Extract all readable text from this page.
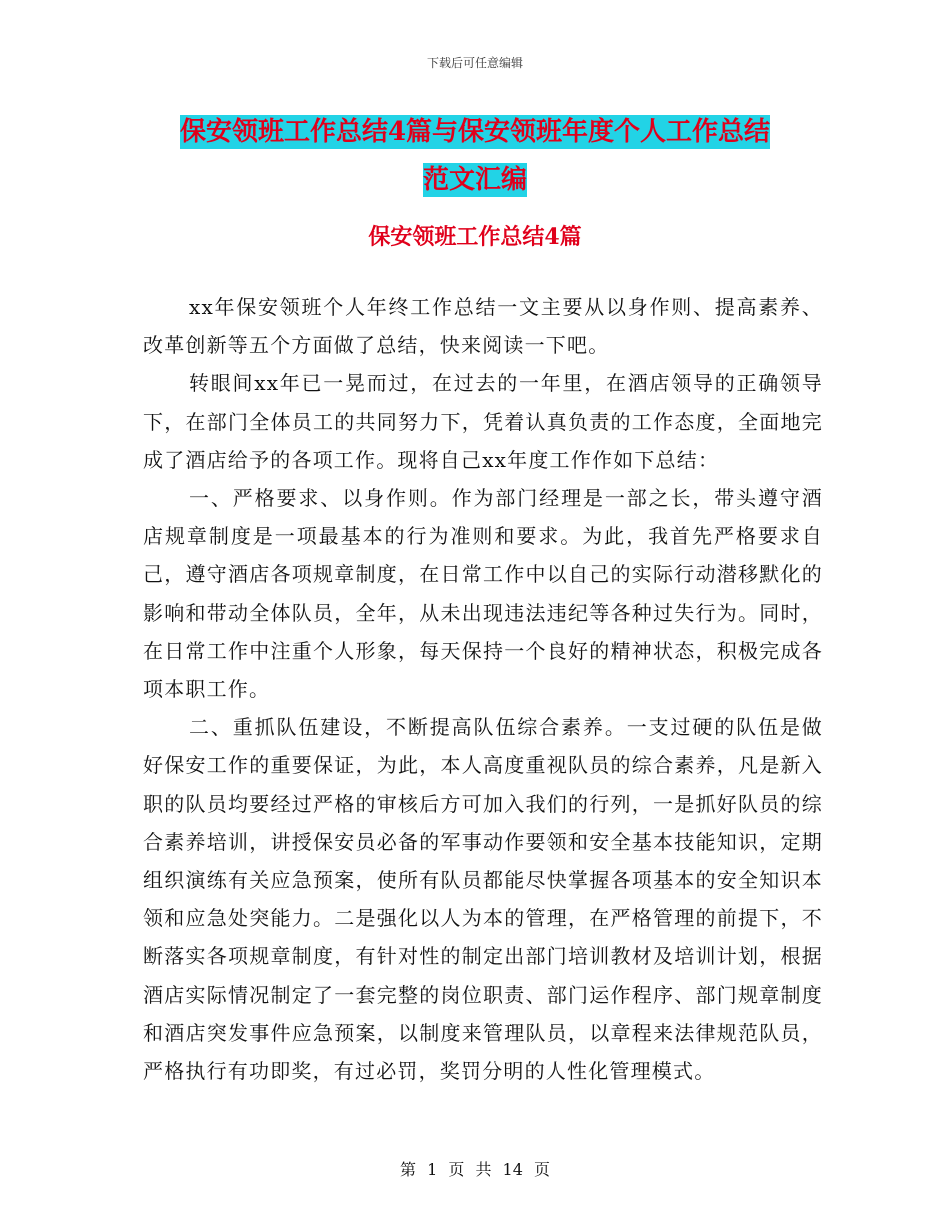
下载后可任意编辑
保安领班工作总结4篇与保安领班年度个人工作总结
范文汇编
保安领班工作总结4篇

xx年保安领班个人年终工作总结一文主要从以身作则、提高素养、改革创新等五个方面做了总结，快来阅读一下吧。

转眼间xx年已一晃而过，在过去的一年里，在酒店领导的正确领导下，在部门全体员工的共同努力下，凭着认真负责的工作态度，全面地完成了酒店给予的各项工作。现将自己xx年度工作作如下总结：

一、严格要求、以身作则。作为部门经理是一部之长，带头遵守酒店规章制度是一项最基本的行为准则和要求。为此，我首先严格要求自己，遵守酒店各项规章制度，在日常工作中以自己的实际行动潜移默化的影响和带动全体队员，全年，从未出现违法违纪等各种过失行为。同时，在日常工作中注重个人形象，每天保持一个良好的精神状态，积极完成各项本职工作。

二、重抓队伍建设，不断提高队伍综合素养。一支过硬的队伍是做好保安工作的重要保证，为此，本人高度重视队员的综合素养，凡是新入职的队员均要经过严格的审核后方可加入我们的行列，一是抓好队员的综合素养培训，讲授保安员必备的军事动作要领和安全基本技能知识，定期组织演练有关应急预案，使所有队员都能尽快掌握各项基本的安全知识本领和应急处突能力。二是强化以人为本的管理，在严格管理的前提下，不断落实各项规章制度，有针对性的制定出部门培训教材及培训计划，根据酒店实际情况制定了一套完整的岗位职责、部门运作程序、部门规章制度和酒店突发事件应急预案，以制度来管理队员，以章程来法律规范队员，严格执行有功即奖，有过必罚，奖罚分明的人性化管理模式。

第 1 页 共 14 页
